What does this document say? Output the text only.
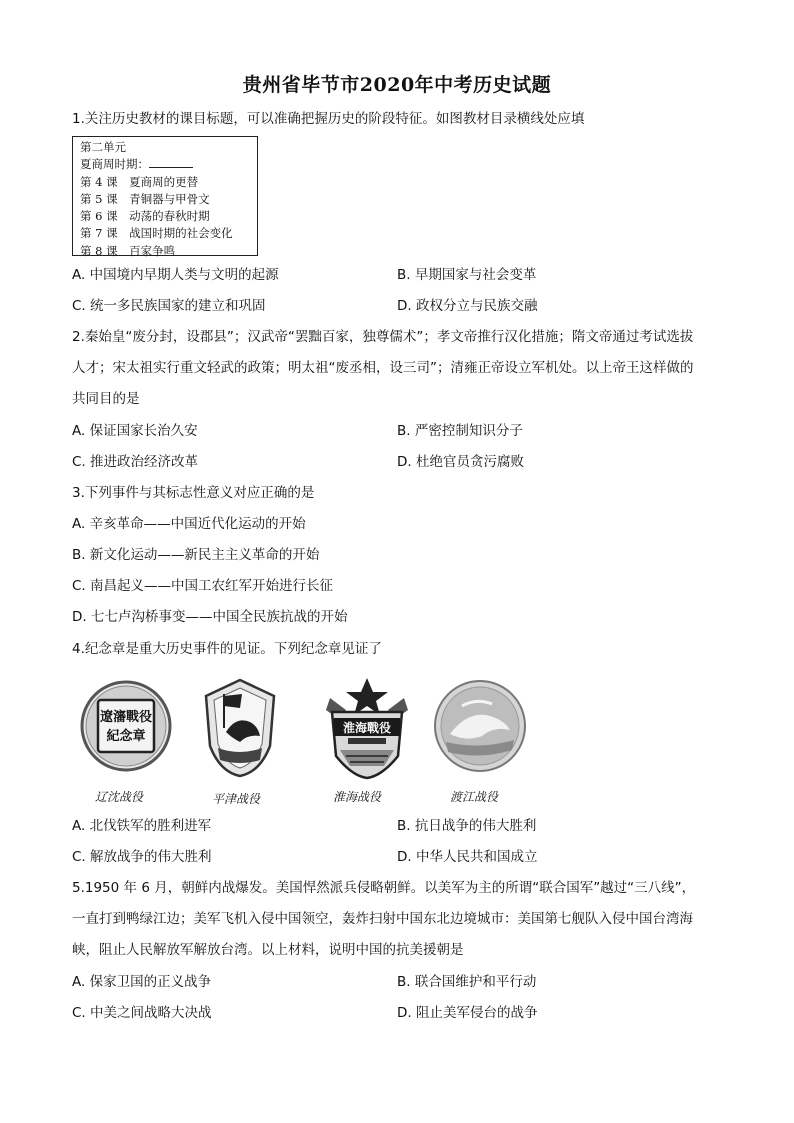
贵州省毕节市2020年中考历史试题
1.关注历史教材的课目标题，可以准确把握历史的阶段特征。如图教材目录横线处应填
第二单元
夏商周时期：
第 4 课　夏商周的更替
第 5 课　青铜器与甲骨文
第 6 课　动荡的春秋时期
第 7 课　战国时期的社会变化
第 8 课　百家争鸣
A. 中国境内早期人类与文明的起源	B. 早期国家与社会变革
C. 统一多民族国家的建立和巩固	D. 政权分立与民族交融
2.秦始皇“废分封，设郡县”；汉武帝“罢黜百家，独尊儒术”；孝文帝推行汉化措施；隋文帝通过考试选拔
人才；宋太祖实行重文轻武的政策；明太祖“废丞相，设三司”；清雍正帝设立军机处。以上帝王这样做的
共同目的是
A. 保证国家长治久安	B. 严密控制知识分子
C. 推进政治经济改革	D. 杜绝官员贪污腐败
3.下列事件与其标志性意义对应正确的是
A. 辛亥革命——中国近代化运动的开始
B. 新文化运动——新民主主义革命的开始
C. 南昌起义——中国工农红军开始进行长征
D. 七七卢沟桥事变——中国全民族抗战的开始
4.纪念章是重大历史事件的见证。下列纪念章见证了
遼瀋戰役
紀念章
淮海戰役
辽沈战役	平津战役	淮海战役	渡江战役
A. 北伐铁军的胜利进军	B. 抗日战争的伟大胜利
C. 解放战争的伟大胜利	D. 中华人民共和国成立
5.1950 年 6 月，朝鲜内战爆发。美国悍然派兵侵略朝鲜。以美军为主的所谓“联合国军”越过“三八线”，
一直打到鸭绿江边；美军飞机入侵中国领空，轰炸扫射中国东北边境城市：美国第七舰队入侵中国台湾海
峡，阻止人民解放军解放台湾。以上材料，说明中国的抗美援朝是
A. 保家卫国的正义战争	B. 联合国维护和平行动
C. 中美之间战略大决战	D. 阻止美军侵台的战争
